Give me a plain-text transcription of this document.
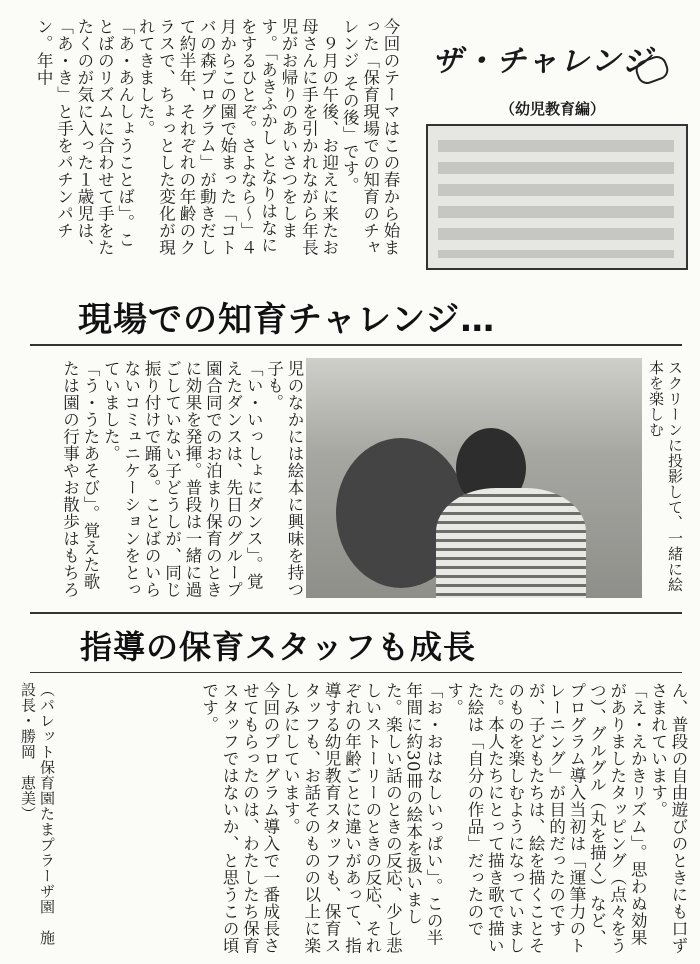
ザ・チャレンジ
（幼児教育編）
今回のテーマはこの春から始まった「保育現場での知育のチャレンジ その後」です。
　９月の午後、お迎えに来たお母さんに手を引かれながら年長児がお帰りのあいさつをします。「あきふかし となりはなにをするひとぞ。さよなら～」４月からこの園で始まった「コトバの森プログラム」が動きだして約半年、それぞれの年齢のクラスで、ちょっとした変化が現れてきました。
「あ・あんしょうことば」。ことばのリズムに合わせて手をたたくのが気に入った１歳児は、「あ・き」と手をパチンパチン。年中
現場での知育チャレンジ…
児のなかには絵本に興味を持つ子も。
「い・いっしょにダンス」。覚えたダンスは、先日のグループ園合同でのお泊まり保育のときに効果を発揮。普段は一緒に過ごしていない子どうしが、同じ振り付けで踊る。ことばのいらないコミュニケーションをとっていました。
「う・うたあそび」。覚えた歌たは園の行事やお散歩はもちろ	スクリーンに投影して、一緒に絵本を楽しむ
指導の保育スタッフも成長
ん、普段の自由遊びのときにも口ずさまれています。
「え・えかきリズム」。思わぬ効果がありましたタッピング（点々をうつ）、グルグル（丸を描く）など、プログラム導入当初は「運筆力のトレーニング」が目的だったのですが、子どもたちは、絵を描くことそのものを楽しむようになっていました。本人たちにとって描き歌で描いた絵は「自分の作品」だったのです。
「お・おはなしいっぱい」。この半年間に約30冊の絵本を扱いました。楽しい話のときの反応、少し悲しいストーリーのときの反応、それぞれの年齢ごとに違いがあって、指導する幼児教育スタッフも、保育スタッフも、お話そのものの以上に楽しみにしています。
今回のプログラム導入で一番成長させてもらったのは、わたしたち保育スタッフではないか、と思うこの頃です。
（パレット保育園たまプラーザ園　施設長・勝岡　恵美）
